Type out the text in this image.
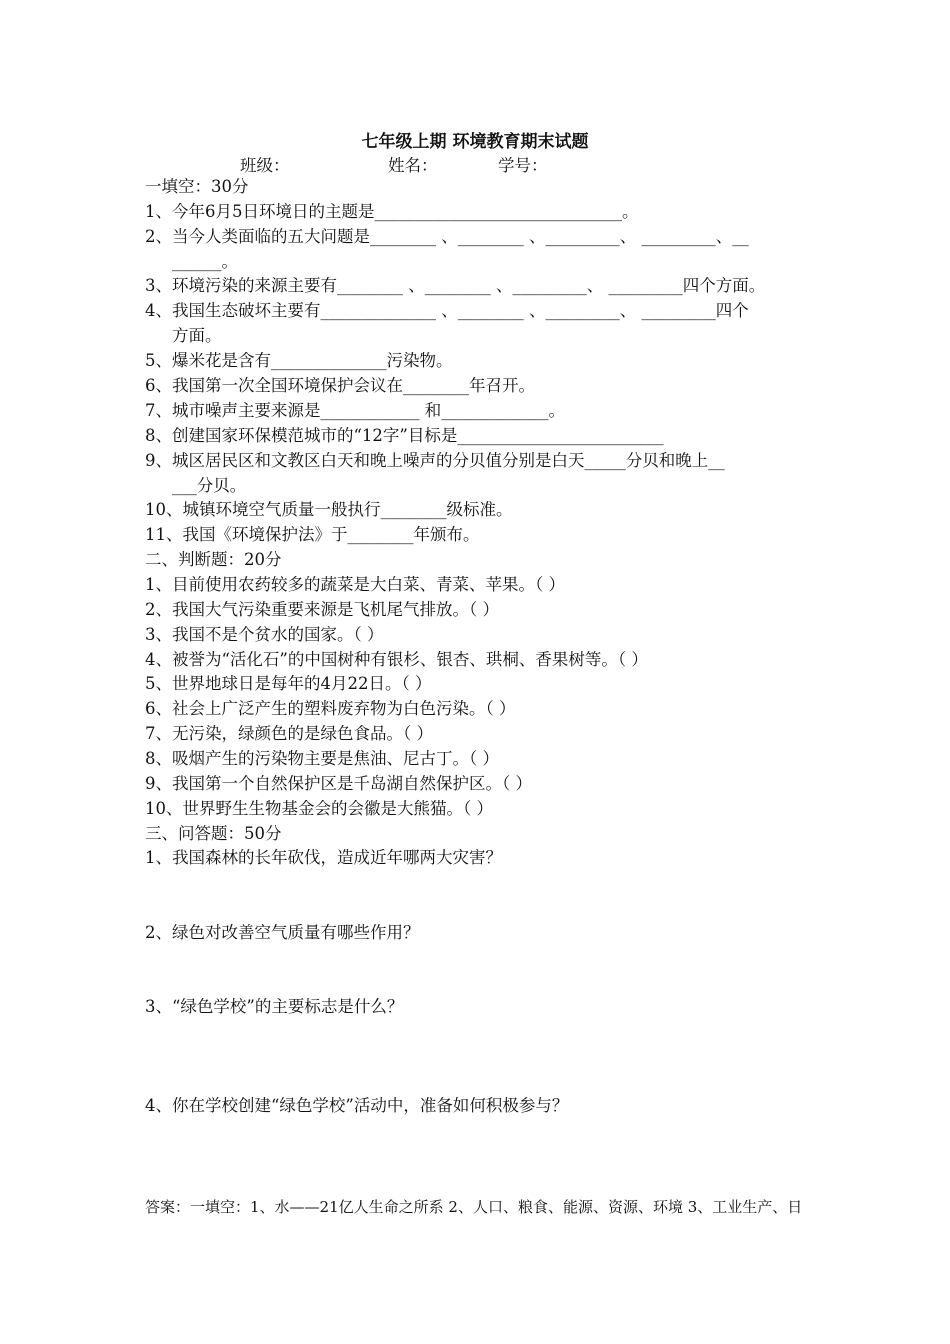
七年级上期 环境教育期末试题
班级：	姓名：	学号：
一填空：30分
1、今年6月5日环境日的主题是______________________________。
2、当今人类面临的五大问题是________ 、________ 、_________、 _________、__
______。
3、环境污染的来源主要有________ 、________ 、_________、 _________四个方面。
4、我国生态破坏主要有______________ 、________ 、_________、 _________四个
方面。
5、爆米花是含有______________污染物。
6、我国第一次全国环境保护会议在________年召开。
7、城市噪声主要来源是____________ 和_____________。
8、创建国家环保模范城市的“12字”目标是_________________________
9、城区居民区和文教区白天和晚上噪声的分贝值分别是白天_____分贝和晚上__
___分贝。
10、城镇环境空气质量一般执行________级标准。
11、我国《环境保护法》于________年颁布。
二、判断题：20分
1、目前使用农药较多的蔬菜是大白菜、青菜、苹果。（ ）
2、我国大气污染重要来源是飞机尾气排放。（ ）
3、我国不是个贫水的国家。（ ）
4、被誉为“活化石”的中国树种有银杉、银杏、珙桐、香果树等。（ ）
5、世界地球日是每年的4月22日。（ ）
6、社会上广泛产生的塑料废弃物为白色污染。（ ）
7、无污染，绿颜色的是绿色食品。（ ）
8、吸烟产生的污染物主要是焦油、尼古丁。（ ）
9、我国第一个自然保护区是千岛湖自然保护区。（ ）
10、世界野生生物基金会的会徽是大熊猫。（ ）
三、问答题：50分
1、我国森林的长年砍伐，造成近年哪两大灾害？
2、绿色对改善空气质量有哪些作用？
3、“绿色学校”的主要标志是什么？
4、你在学校创建“绿色学校”活动中，准备如何积极参与？
答案：一填空：1、水——21亿人生命之所系 2、人口、粮食、能源、资源、环境 3、工业生产、日
